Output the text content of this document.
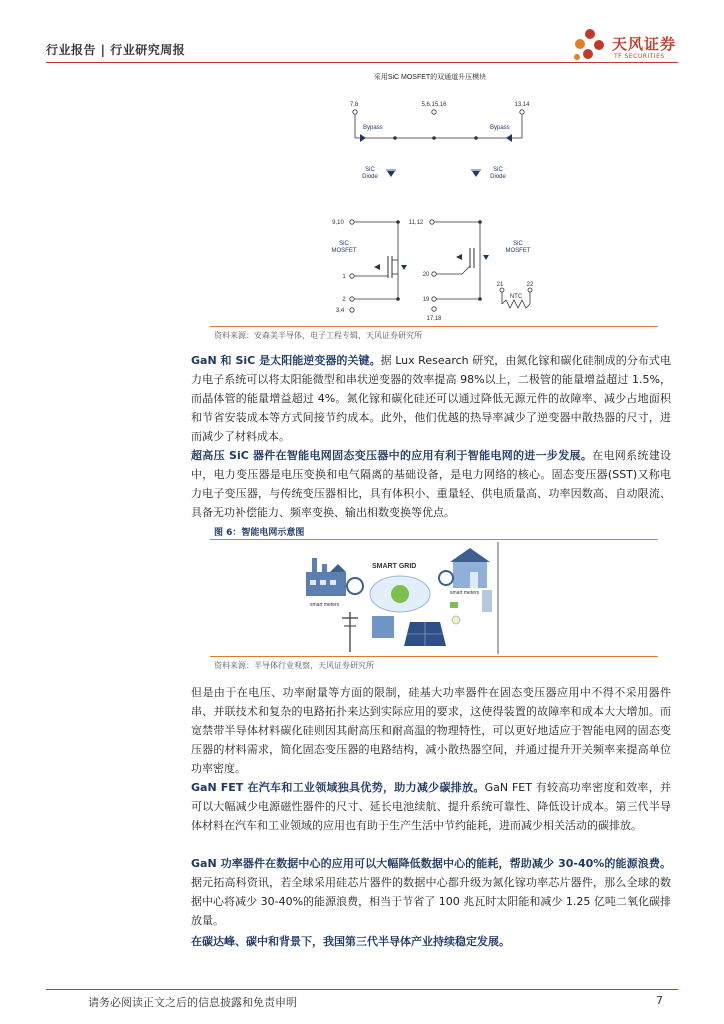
行业报告 | 行业研究周报	天风证券
TF SECURITIES
采用SiC MOSFET的双通道升压模块
7,8	5,6,15,16	13,14
Bypass	Bypass
SiC
Diode
SiC
Diode
9,10	11,12
SiC
MOSFET
SiC
MOSFET
1	20
21	22
NTC
2
3,4
19
17,18
资料来源：安森美半导体，电子工程专辑，天风证券研究所
GaN 和 SiC 是太阳能逆变器的关键。据 Lux Research 研究，由氮化镓和碳化硅制成的分布式电力电子系统可以将太阳能微型和串状逆变器的效率提高 98%以上，二极管的能量增益超过 1.5%，而晶体管的能量增益超过 4%。氮化镓和碳化硅还可以通过降低无源元件的故障率、减少占地面积和节省安装成本等方式间接节约成本。此外，他们优越的热导率减少了逆变器中散热器的尺寸，进而减少了材料成本。
超高压 SiC 器件在智能电网固态变压器中的应用有利于智能电网的进一步发展。在电网系统建设中，电力变压器是电压变换和电气隔离的基础设备，是电力网络的核心。固态变压器(SST)又称电力电子变压器，与传统变压器相比，具有体积小、重量轻、供电质量高、功率因数高、自动限流、具备无功补偿能力、频率变换、输出相数变换等优点。
图 6：智能电网示意图
smart meters
SMART GRID
smart meters
资料来源：半导体行业观察，天风证券研究所
但是由于在电压、功率耐量等方面的限制，硅基大功率器件在固态变压器应用中不得不采用器件串、并联技术和复杂的电路拓扑来达到实际应用的要求，这使得装置的故障率和成本大大增加。而宽禁带半导体材料碳化硅则因其耐高压和耐高温的物理特性，可以更好地适应于智能电网的固态变压器的材料需求，简化固态变压器的电路结构，减小散热器空间，并通过提升开关频率来提高单位功率密度。
GaN FET 在汽车和工业领域独具优势，助力减少碳排放。GaN FET 有较高功率密度和效率，并可以大幅减少电源磁性器件的尺寸、延长电池续航、提升系统可靠性、降低设计成本。第三代半导体材料在汽车和工业领域的应用也有助于生产生活中节约能耗，进而减少相关活动的碳排放。
GaN 功率器件在数据中心的应用可以大幅降低数据中心的能耗，帮助减少 30-40%的能源浪费。据元拓高科资讯，若全球采用硅芯片器件的数据中心都升级为氮化镓功率芯片器件，那么全球的数据中心将减少 30-40%的能源浪费，相当于节省了 100 兆瓦时太阳能和减少 1.25 亿吨二氧化碳排放量。
在碳达峰、碳中和背景下，我国第三代半导体产业持续稳定发展。
请务必阅读正文之后的信息披露和免责申明	7
